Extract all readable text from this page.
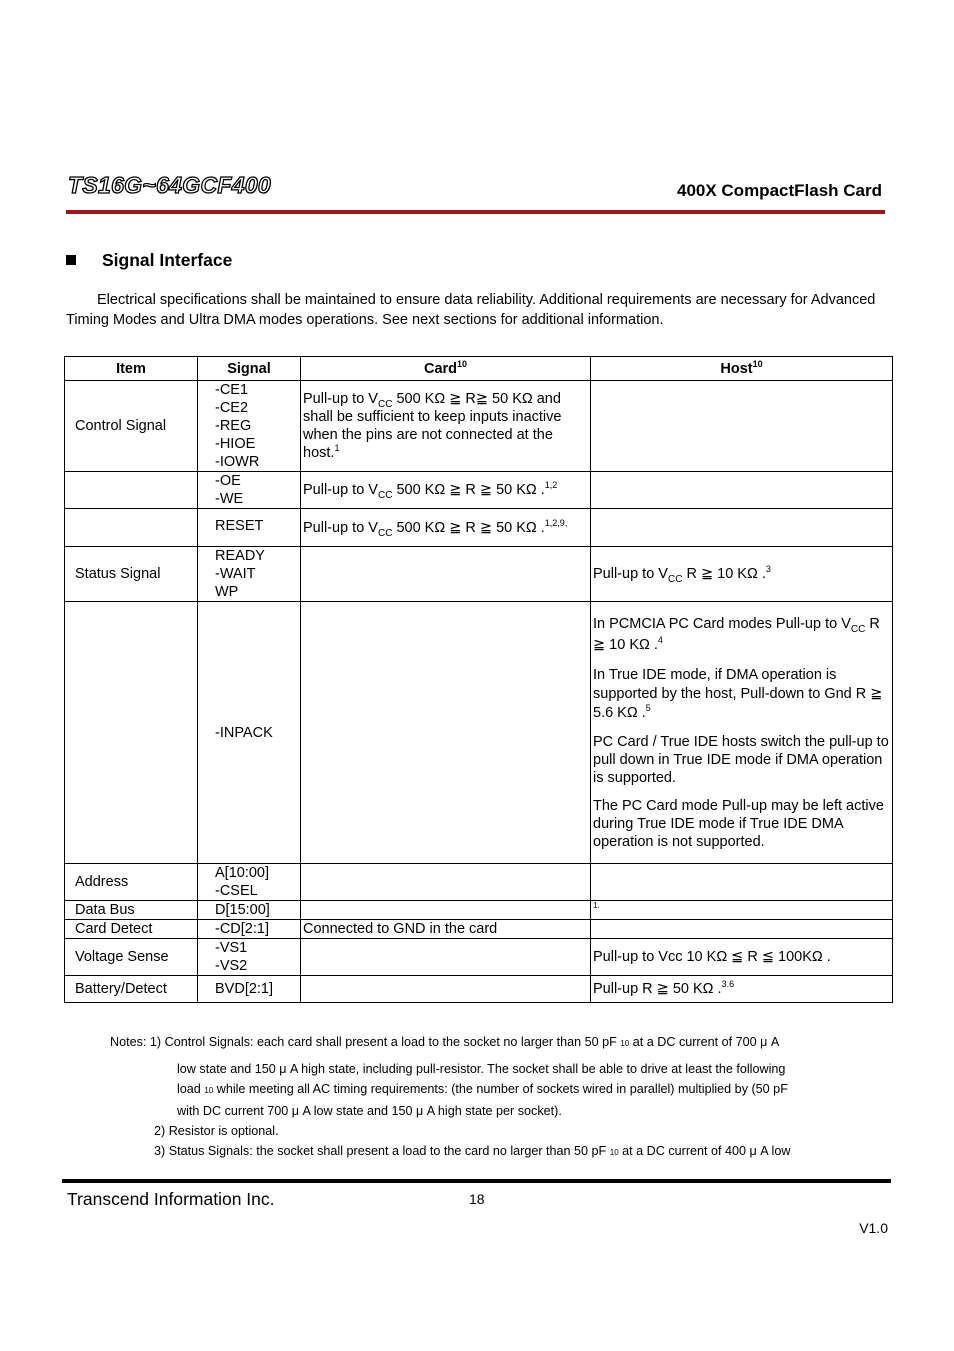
TS16G~64GCF400	400X CompactFlash Card
Signal Interface
Electrical specifications shall be maintained to ensure data reliability. Additional requirements are necessary for Advanced Timing Modes and Ultra DMA modes operations. See next sections for additional information.
Item	Signal	Card$^{10}$	Host$^{10}$
Control Signal	-CE1
-CE2
-REG
-HIOE
-IOWR	Pull-up to $V_{CC}$ 500 KΩ ≧ R≧ 50 KΩ and shall be sufficient to keep inputs inactive when the pins are not connected at the host.$^1$	

	-OE
-WE	Pull-up to $V_{CC}$ 500 KΩ ≧ R ≧ 50 KΩ .$^{1,2}$	

	RESET	Pull-up to $V_{CC}$ 500 KΩ ≧ R ≧ 50 KΩ .$^{1,2,9,}$	
Status Signal	READY
-WAIT
WP		Pull-up to $V_{CC}$ R ≧ 10 KΩ .$^3$

	-INPACK		In PCMCIA PC Card modes Pull-up to $V_{CC}$ R ≧ 10 KΩ .$^4$

In True IDE mode, if DMA operation is supported by the host, Pull-down to Gnd R ≧ 5.6 KΩ .$^5$

PC Card / True IDE hosts switch the pull-up to pull down in True IDE mode if DMA operation is supported.

The PC Card mode Pull-up may be left active during True IDE mode if True IDE DMA operation is not supported.

Address	A[10:00]
-CSEL		

Data Bus	D[15:00]		1.
Card Detect	-CD[2:1]	Connected to GND in the card	
Voltage Sense	-VS1
-VS2		Pull-up to Vcc 10 KΩ ≦ R ≦ 100KΩ .
Battery/Detect	BVD[2:1]		Pull-up R ≧ 50 KΩ .$^{3.6}$
Notes: 1) Control Signals: each card shall present a load to the socket no larger than 50 pF 10 at a DC current of 700 μ A
low state and 150 μ A high state, including pull-resistor. The socket shall be able to drive at least the following
load 10 while meeting all AC timing requirements: (the number of sockets wired in parallel) multiplied by (50 pF
with DC current 700 μ A low state and 150 μ A high state per socket).
2) Resistor is optional.
3) Status Signals: the socket shall present a load to the card no larger than 50 pF 10 at a DC current of 400 μ A low
Transcend Information Inc.	18
V1.0
